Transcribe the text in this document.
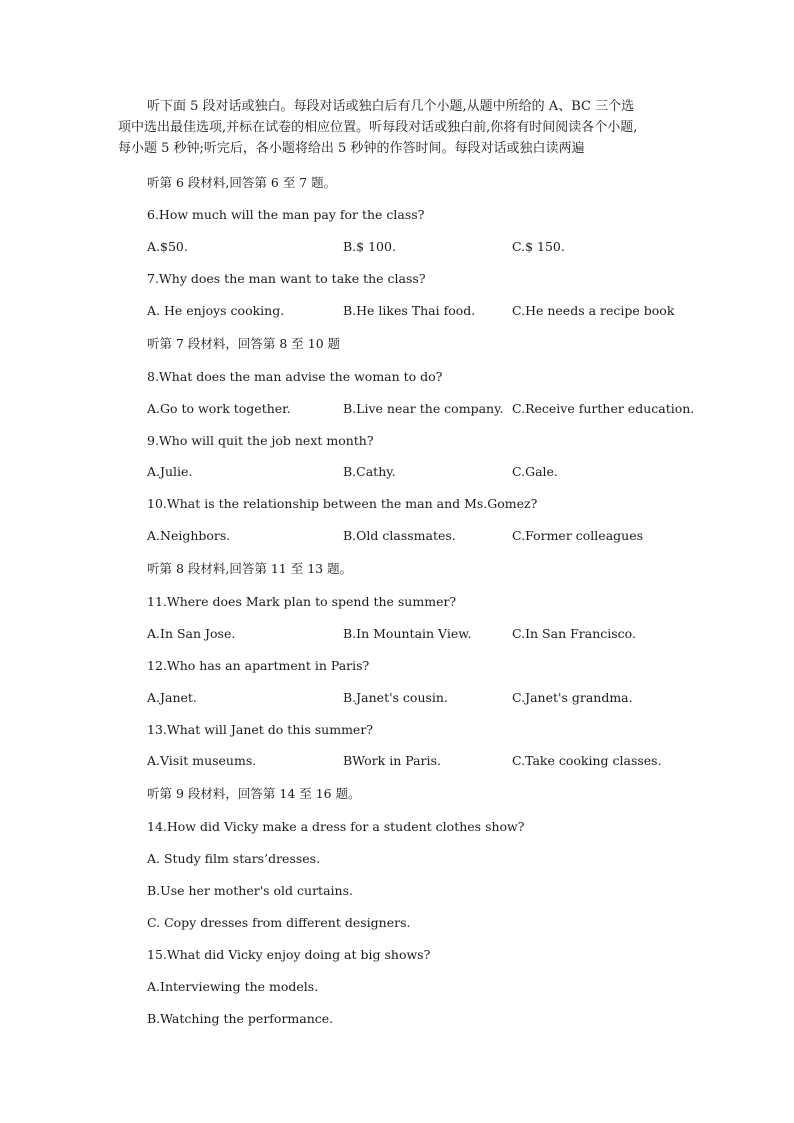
听下面 5 段对话或独白。每段对话或独白后有几个小题,从题中所给的 A、BC 三个选
项中选出最佳选项,并标在试卷的相应位置。听每段对话或独白前,你将有时间阅读各个小题,
每小题 5 秒钟;听完后，各小题将给出 5 秒钟的作答时间。每段对话或独白读两遍
听第 6 段材料,回答第 6 至 7 题。
6.How much will the man pay for the class?
A.$50.	B.$ 100.	C.$ 150.
7.Why does the man want to take the class?
A. He enjoys cooking.	B.He likes Thai food.	C.He needs a recipe book
听第 7 段材料，回答第 8 至 10 题
8.What does the man advise the woman to do?
A.Go to work together.	B.Live near the company. C.Receive further education.
9.Who will quit the job next month?
A.Julie.	B.Cathy.	C.Gale.
10.What is the relationship between the man and Ms.Gomez?
A.Neighbors.	B.Old classmates.	C.Former colleagues
听第 8 段材料,回答第 11 至 13 题。
11.Where does Mark plan to spend the summer?
A.In San Jose.	B.In Mountain View.	C.In San Francisco.
12.Who has an apartment in Paris?
A.Janet.	B.Janet's cousin.	C.Janet's grandma.
13.What will Janet do this summer?
A.Visit museums.	BWork in Paris.	C.Take cooking classes.
听第 9 段材料，回答第 14 至 16 题。
14.How did Vicky make a dress for a student clothes show?
A. Study film stars’dresses.
B.Use her mother's old curtains.
C. Copy dresses from different designers.
15.What did Vicky enjoy doing at big shows?
A.Interviewing the models.
B.Watching the performance.
